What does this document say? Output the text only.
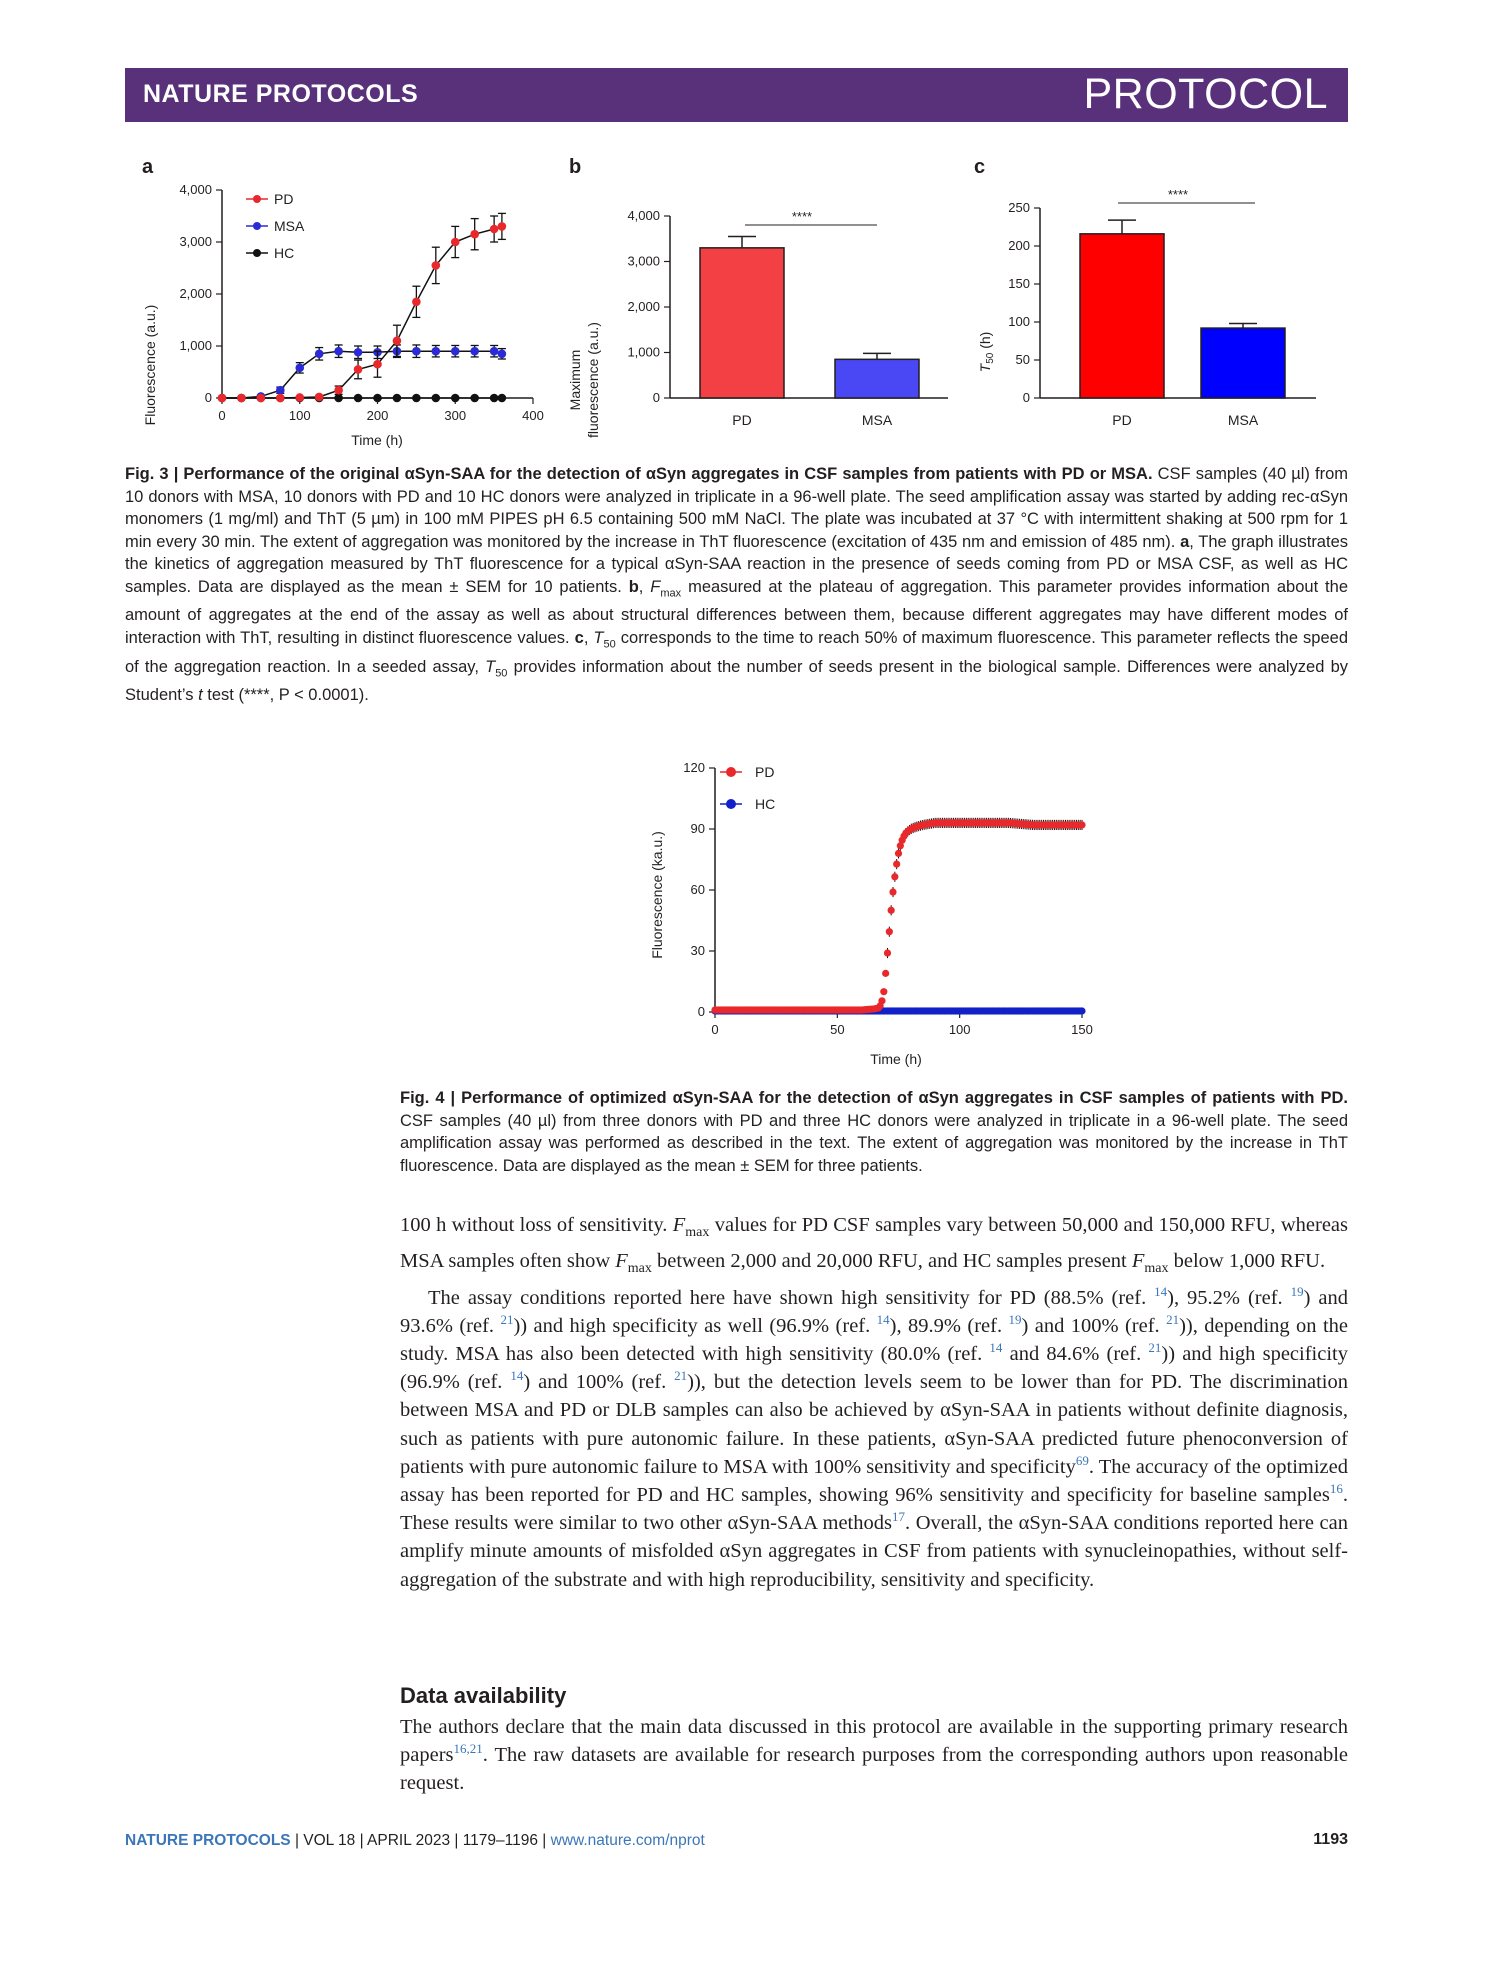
NATURE PROTOCOLS	PROTOCOL
a
Fluorescence (a.u.)	0
1,000
2,000
3,000
4,000
0	100	200	300	400
Time (h)
PD
MSA
HC
b
Maximum fluorescence (a.u.)	0
1,000
2,000
3,000
4,000
PD	MSA
****
c
$T_{50}$ (h)
0
50
100
150
200
250
PD	MSA
****
Fig. 3 | Performance of the original αSyn-SAA for the detection of αSyn aggregates in CSF samples from patients with PD or MSA. CSF samples (40 µl) from 10 donors with MSA, 10 donors with PD and 10 HC donors were analyzed in triplicate in a 96-well plate. The seed amplification assay was started by adding rec-αSyn monomers (1 mg/ml) and ThT (5 µm) in 100 mM PIPES pH 6.5 containing 500 mM NaCl. The plate was incubated at 37 °C with intermittent shaking at 500 rpm for 1 min every 30 min. The extent of aggregation was monitored by the increase in ThT fluorescence (excitation of 435 nm and emission of 485 nm). a, The graph illustrates the kinetics of aggregation measured by ThT fluorescence for a typical αSyn-SAA reaction in the presence of seeds coming from PD or MSA CSF, as well as HC samples. Data are displayed as the mean ± SEM for 10 patients. b, $F_{max}$ measured at the plateau of aggregation. This parameter provides information about the amount of aggregates at the end of the assay as well as about structural differences between them, because different aggregates may have different modes of interaction with ThT, resulting in distinct fluorescence values. c, $T_{50}$ corresponds to the time to reach 50% of maximum fluorescence. This parameter reflects the speed of the aggregation reaction. In a seeded assay, $T_{50}$ provides information about the number of seeds present in the biological sample. Differences were analyzed by Student’s t test (****, P < 0.0001).
Fluorescence (ka.u.)
0
30
60
90
120
0	50	100	150
Time (h)
PD
HC
Fig. 4 | Performance of optimized αSyn-SAA for the detection of αSyn aggregates in CSF samples of patients with PD. CSF samples (40 µl) from three donors with PD and three HC donors were analyzed in triplicate in a 96-well plate. The seed amplification assay was performed as described in the text. The extent of aggregation was monitored by the increase in ThT fluorescence. Data are displayed as the mean ± SEM for three patients.

100 h without loss of sensitivity. $F_{max}$ values for PD CSF samples vary between 50,000 and 150,000 RFU, whereas MSA samples often show $F_{max}$ between 2,000 and 20,000 RFU, and HC samples present $F_{max}$ below 1,000 RFU.

The assay conditions reported here have shown high sensitivity for PD (88.5% (ref. $^{14}$), 95.2% (ref. $^{19}$) and 93.6% (ref. $^{21}$)) and high specificity as well (96.9% (ref. $^{14}$), 89.9% (ref. $^{19}$) and 100% (ref. $^{21}$)), depending on the study. MSA has also been detected with high sensitivity (80.0% (ref. $^{14}$ and 84.6% (ref. $^{21}$)) and high specificity (96.9% (ref. $^{14}$) and 100% (ref. $^{21}$)), but the detection levels seem to be lower than for PD. The discrimination between MSA and PD or DLB samples can also be achieved by αSyn-SAA in patients without definite diagnosis, such as patients with pure autonomic failure. In these patients, αSyn-SAA predicted future phenoconversion of patients with pure autonomic failure to MSA with 100% sensitivity and specificity$^{69}$. The accuracy of the optimized assay has been reported for PD and HC samples, showing 96% sensitivity and specificity for baseline samples$^{16}$. These results were similar to two other αSyn-SAA methods$^{17}$. Overall, the αSyn-SAA conditions reported here can amplify minute amounts of misfolded αSyn aggregates in CSF from patients with synucleinopathies, without self-aggregation of the substrate and with high reproducibility, sensitivity and specificity.

Data availability

The authors declare that the main data discussed in this protocol are available in the supporting primary research papers$^{16,21}$. The raw datasets are available for research purposes from the corresponding authors upon reasonable request.

NATURE PROTOCOLS | VOL 18 | APRIL 2023 | 1179–1196 | www.nature.com/nprot	1193
